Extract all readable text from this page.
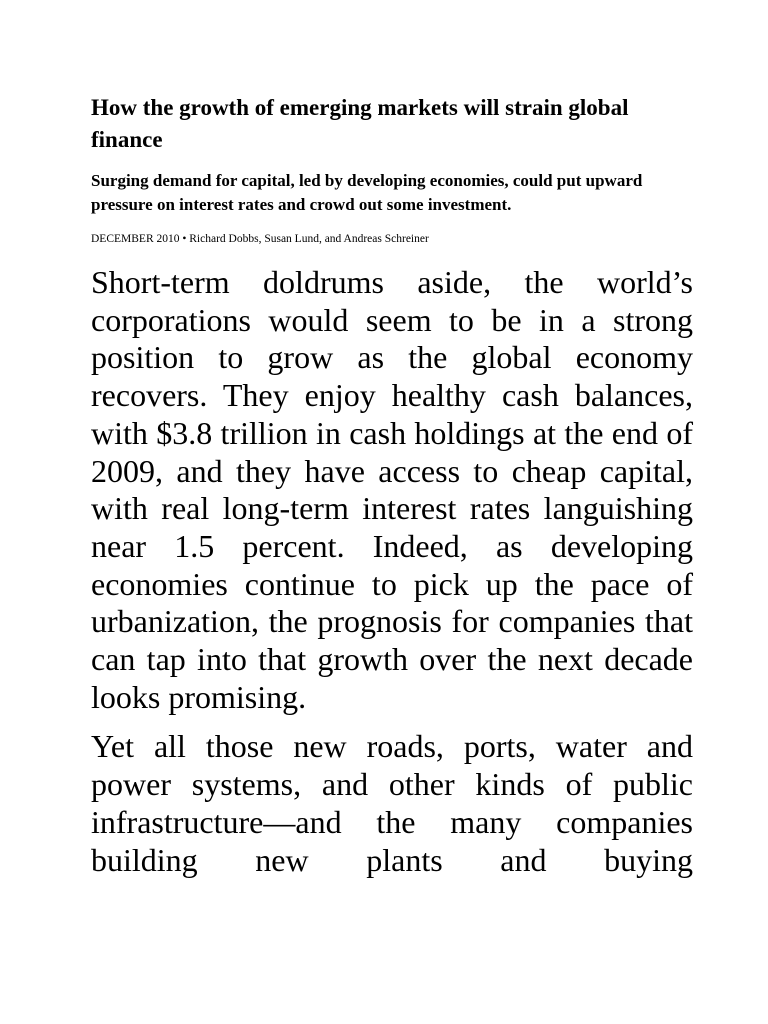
How the growth of emerging markets will strain global finance

Surging demand for capital, led by developing economies, could put upward pressure on interest rates and crowd out some investment.

DECEMBER 2010 • Richard Dobbs, Susan Lund, and Andreas Schreiner

Short-term doldrums aside, the world’s corporations would seem to be in a strong position to grow as the global economy recovers. They enjoy healthy cash balances, with $3.8 trillion in cash holdings at the end of 2009, and they have access to cheap capital, with real long-term interest rates languishing near 1.5 percent. Indeed, as developing economies continue to pick up the pace of urbanization, the prognosis for companies that can tap into that growth over the next decade looks promising.

Yet all those new roads, ports, water and power systems, and other kinds of public infrastructure—and the many companies building new plants and buying
